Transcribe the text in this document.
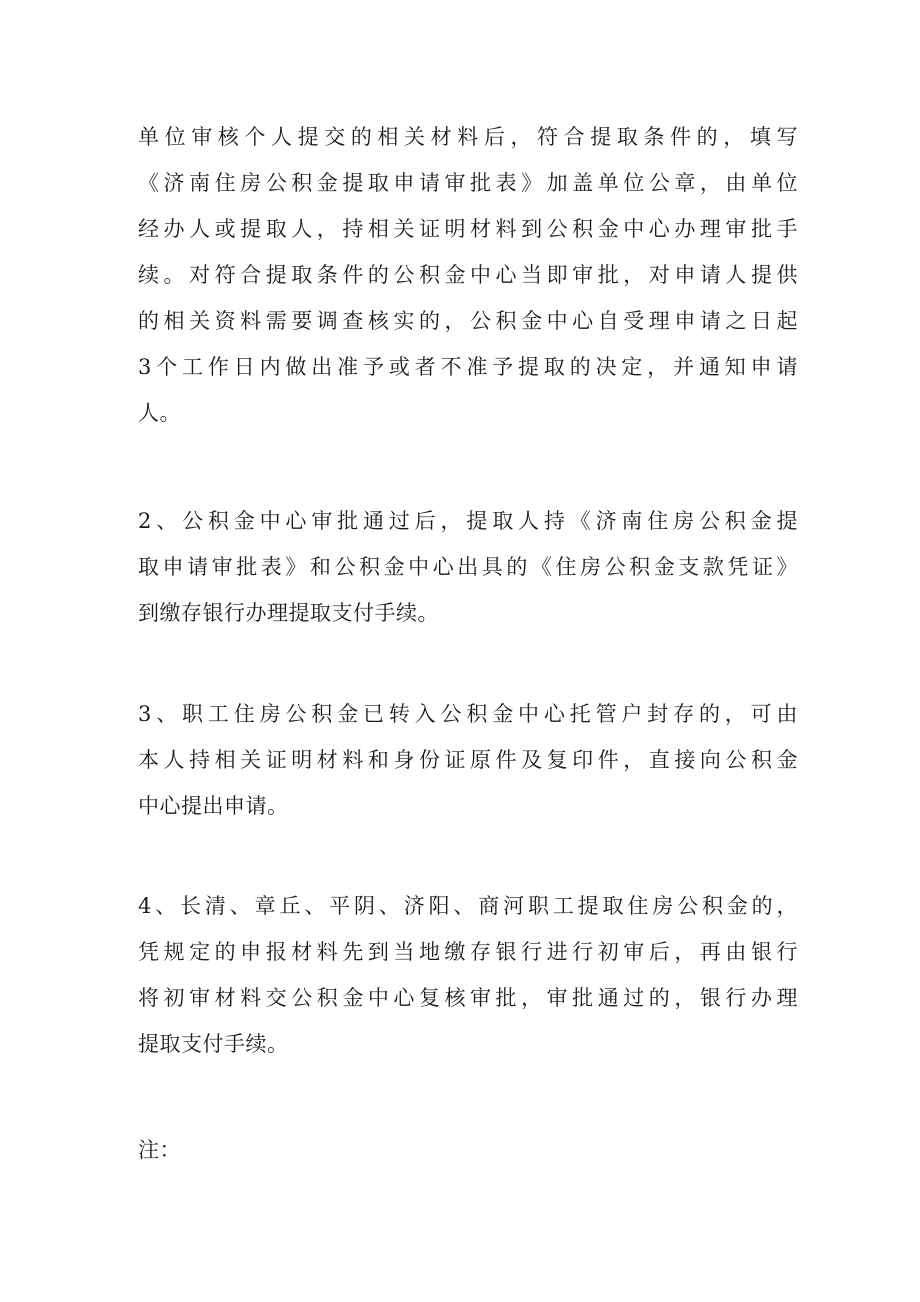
单位审核个人提交的相关材料后，符合提取条件的，填写
《济南住房公积金提取申请审批表》加盖单位公章，由单位
经办人或提取人，持相关证明材料到公积金中心办理审批手
续。对符合提取条件的公积金中心当即审批，对申请人提供
的相关资料需要调查核实的，公积金中心自受理申请之日起
3个工作日内做出准予或者不准予提取的决定，并通知申请
人。
2、公积金中心审批通过后，提取人持《济南住房公积金提
取申请审批表》和公积金中心出具的《住房公积金支款凭证》
到缴存银行办理提取支付手续。
3、职工住房公积金已转入公积金中心托管户封存的，可由
本人持相关证明材料和身份证原件及复印件，直接向公积金
中心提出申请。
4、长清、章丘、平阴、济阳、商河职工提取住房公积金的，
凭规定的申报材料先到当地缴存银行进行初审后，再由银行
将初审材料交公积金中心复核审批，审批通过的，银行办理
提取支付手续。
注：
